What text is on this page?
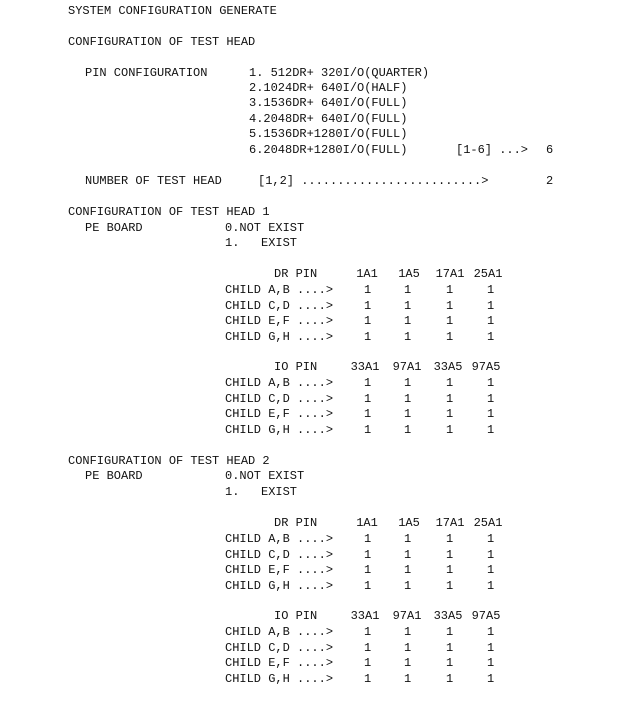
SYSTEM CONFIGURATION GENERATE
CONFIGURATION OF TEST HEAD
PIN CONFIGURATION	1. 512DR+ 320I/O(QUARTER)
2.1024DR+ 640I/O(HALF)
3.1536DR+ 640I/O(FULL)
4.2048DR+ 640I/O(FULL)
5.1536DR+1280I/O(FULL)
6.2048DR+1280I/O(FULL)	[1-6] ...> 6
NUMBER OF TEST HEAD	[1,2] .........................>	2
CONFIGURATION OF TEST HEAD 1
PE BOARD	0.NOT EXIST
1.   EXIST
DR PIN	1A1 1A5 17A1 25A1
CHILD A,B ....>	1	1	1	1
CHILD C,D ....>	1	1	1	1
CHILD E,F ....>	1	1	1	1
CHILD G,H ....>	1	1	1	1
IO PIN	33A1 97A1 33A5 97A5
CHILD A,B ....>	1	1	1	1
CHILD C,D ....>	1	1	1	1
CHILD E,F ....>	1	1	1	1
CHILD G,H ....>	1	1	1	1
CONFIGURATION OF TEST HEAD 2
PE BOARD	0.NOT EXIST
1.   EXIST
DR PIN	1A1 1A5 17A1 25A1
CHILD A,B ....>	1	1	1	1
CHILD C,D ....>	1	1	1	1
CHILD E,F ....>	1	1	1	1
CHILD G,H ....>	1	1	1	1
IO PIN	33A1 97A1 33A5 97A5
CHILD A,B ....>	1	1	1	1
CHILD C,D ....>	1	1	1	1
CHILD E,F ....>	1	1	1	1
CHILD G,H ....>	1	1	1	1
